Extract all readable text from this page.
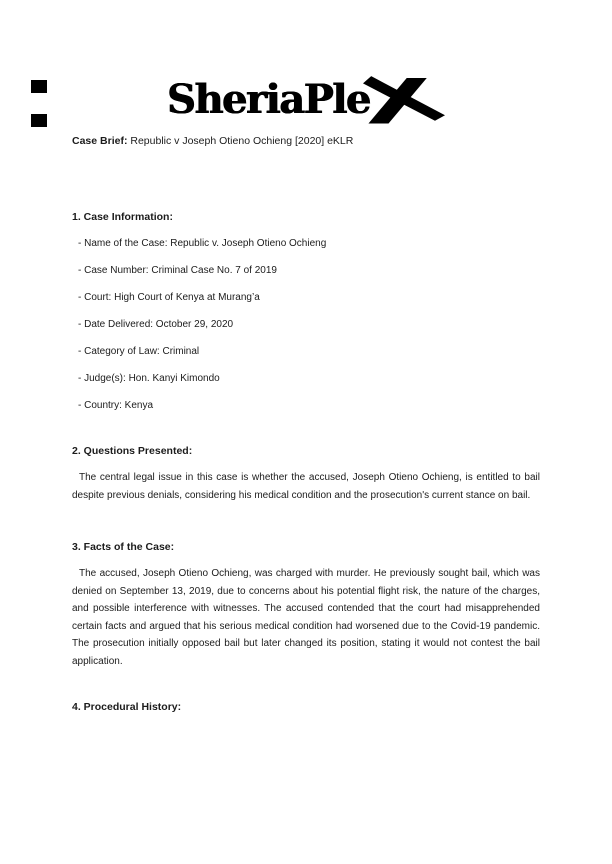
SheriaPle
Case Brief: Republic v Joseph Otieno Ochieng [2020] eKLR
1. Case Information:
- Name of the Case: Republic v. Joseph Otieno Ochieng
- Case Number: Criminal Case No. 7 of 2019
- Court: High Court of Kenya at Murang’a
- Date Delivered: October 29, 2020
- Category of Law: Criminal
- Judge(s): Hon. Kanyi Kimondo
- Country: Kenya
2. Questions Presented:

The central legal issue in this case is whether the accused, Joseph Otieno Ochieng, is entitled to bail despite previous denials, considering his medical condition and the prosecution's current stance on bail.

3. Facts of the Case:

The accused, Joseph Otieno Ochieng, was charged with murder. He previously sought bail, which was denied on September 13, 2019, due to concerns about his potential flight risk, the nature of the charges, and possible interference with witnesses. The accused contended that the court had misapprehended certain facts and argued that his serious medical condition had worsened due to the Covid-19 pandemic. The prosecution initially opposed bail but later changed its position, stating it would not contest the bail application.

4. Procedural History:
